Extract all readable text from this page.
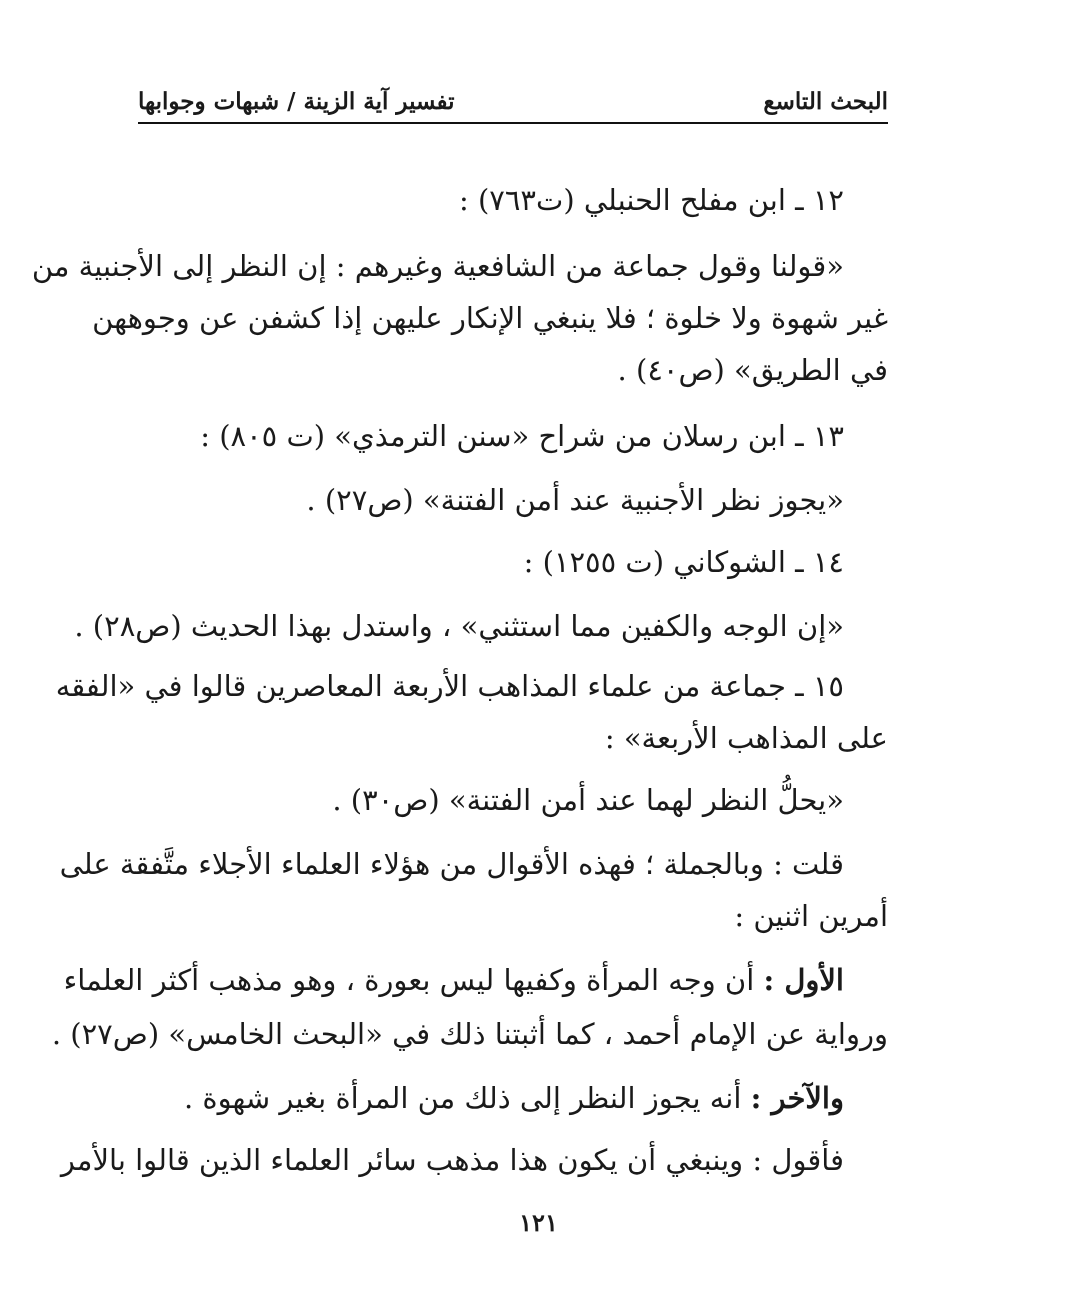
البحث التاسع
تفسير آية الزينة / شبهات وجوابها
١٢ ـ ابن مفلح الحنبلي (ت٧٦٣) :
«قولنا وقول جماعة من الشافعية وغيرهم : إن النظر إلى الأجنبية من
غير شهوة ولا خلوة ؛ فلا ينبغي الإنكار عليهن إذا كشفن عن وجوههن
في الطريق» (ص٤٠) .
١٣ ـ ابن رسلان من شراح «سنن الترمذي» (ت ٨٠٥) :
«يجوز نظر الأجنبية عند أمن الفتنة» (ص٢٧) .
١٤ ـ الشوكاني (ت ١٢٥٥) :
«إن الوجه والكفين مما استثني» ، واستدل بهذا الحديث (ص٢٨) .
١٥ ـ جماعة من علماء المذاهب الأربعة المعاصرين قالوا في «الفقه
على المذاهب الأربعة» :
«يحلُّ النظر لهما عند أمن الفتنة» (ص٣٠) .
قلت : وبالجملة ؛ فهذه الأقوال من هؤلاء العلماء الأجلاء متَّفقة على
أمرين اثنين :
الأول : أن وجه المرأة وكفيها ليس بعورة ، وهو مذهب أكثر العلماء
ورواية عن الإمام أحمد ، كما أثبتنا ذلك في «البحث الخامس» (ص٢٧) .
والآخر : أنه يجوز النظر إلى ذلك من المرأة بغير شهوة .
فأقول : وينبغي أن يكون هذا مذهب سائر العلماء الذين قالوا بالأمر
١٢١
